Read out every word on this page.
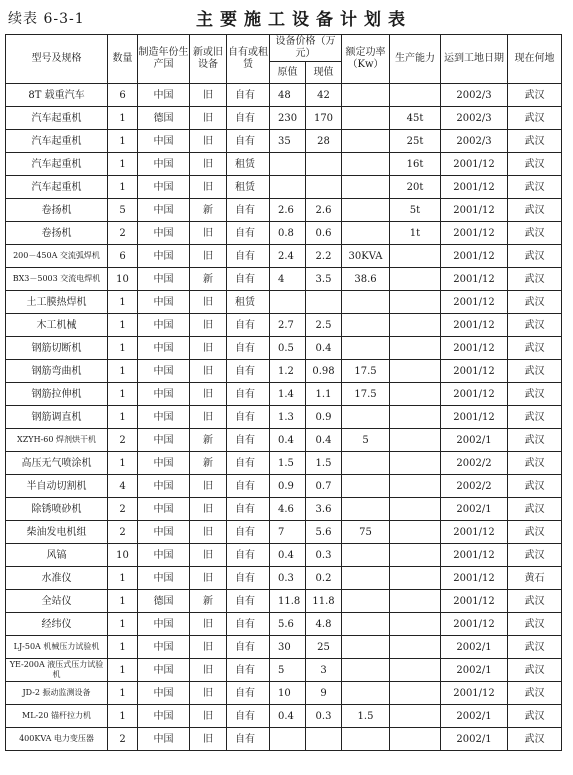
续表 6-3-1	主要施工设备计划表
型号及规格	数量	制造年份生产国	新或旧设备	自有或租赁	设备价格（万元）		额定功率（Kw）	生产能力	运到工地日期	现在何地
					原值	现值				
8T 载重汽车	6	中国	旧	自有	48	42			2002/3	武汉
汽车起重机	1	德国	旧	自有	230	170		45t	2002/3	武汉
汽车起重机	1	中国	旧	自有	35	28		25t	2002/3	武汉
汽车起重机	1	中国	旧	租赁				16t	2001/12	武汉
汽车起重机	1	中国	旧	租赁				20t	2001/12	武汉
卷扬机	5	中国	新	自有	2.6	2.6		5t	2001/12	武汉
卷扬机	2	中国	旧	自有	0.8	0.6		1t	2001/12	武汉
200－450A 交流弧焊机	6	中国	旧	自有	2.4	2.2	30KVA		2001/12	武汉
BX3－5003 交流电焊机	10	中国	新	自有	4	3.5	38.6		2001/12	武汉
土工膜热焊机	1	中国	旧	租赁					2001/12	武汉
木工机械	1	中国	旧	自有	2.7	2.5			2001/12	武汉
钢筋切断机	1	中国	旧	自有	0.5	0.4			2001/12	武汉
钢筋弯曲机	1	中国	旧	自有	1.2	0.98	17.5		2001/12	武汉
钢筋拉伸机	1	中国	旧	自有	1.4	1.1	17.5		2001/12	武汉
钢筋调直机	1	中国	旧	自有	1.3	0.9			2001/12	武汉
XZYH-60 焊剂烘干机	2	中国	新	自有	0.4	0.4	5		2002/1	武汉
高压无气喷涂机	1	中国	新	自有	1.5	1.5			2002/2	武汉
半自动切割机	4	中国	旧	自有	0.9	0.7			2002/2	武汉
除锈喷砂机	2	中国	旧	自有	4.6	3.6			2002/1	武汉
柴油发电机组	2	中国	旧	自有	7	5.6	75		2001/12	武汉
风镐	10	中国	旧	自有	0.4	0.3			2001/12	武汉
水准仪	1	中国	旧	自有	0.3	0.2			2001/12	黄石
全站仪	1	德国	新	自有	11.8	11.8			2001/12	武汉
经纬仪	1	中国	旧	自有	5.6	4.8			2001/12	武汉
LJ-50A 机械压力试验机	1	中国	旧	自有	30	25			2002/1	武汉
YE-200A 液压式压力试验机	1	中国	旧	自有	5	3			2002/1	武汉
JD-2 振动监测设备	1	中国	旧	自有	10	9			2001/12	武汉
ML-20 锚杆拉力机	1	中国	旧	自有	0.4	0.3	1.5		2002/1	武汉
400KVA 电力变压器	2	中国	旧	自有					2002/1	武汉
